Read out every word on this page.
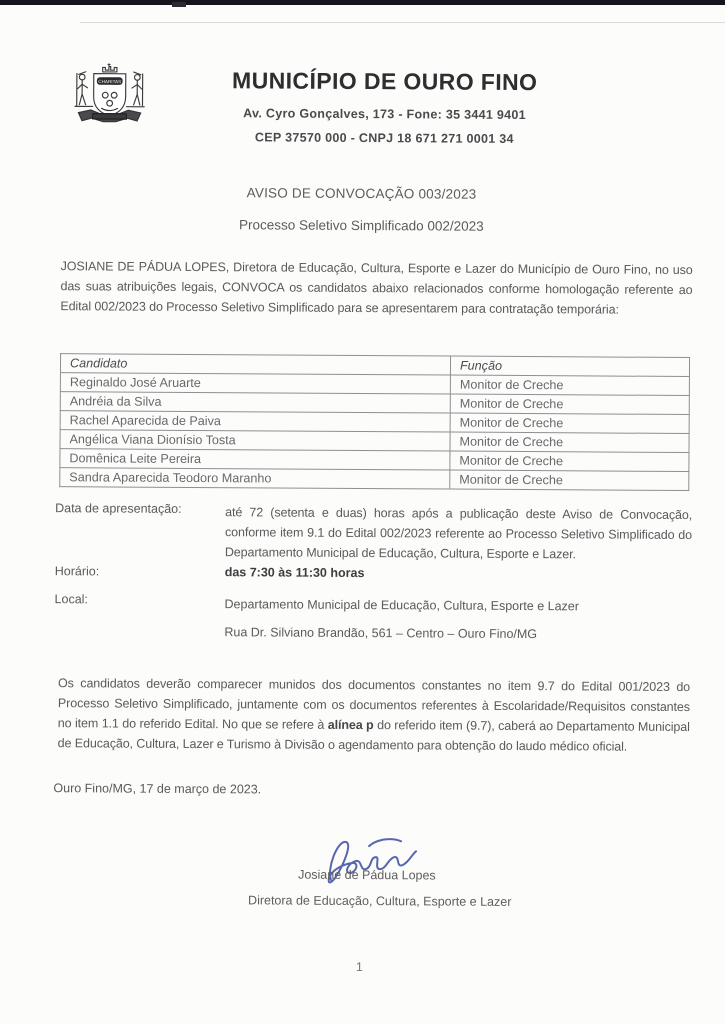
CHARITAS	MUNICÍPIO DE OURO FINO
Av. Cyro Gonçalves, 173 - Fone: 35 3441 9401
CEP 37570 000 - CNPJ 18 671 271 0001 34
AVISO DE CONVOCAÇÃO 003/2023
Processo Seletivo Simplificado 002/2023
JOSIANE DE PÁDUA LOPES, Diretora de Educação, Cultura, Esporte e Lazer do Município de Ouro Fino, no uso das suas atribuições legais, CONVOCA os candidatos abaixo relacionados conforme homologação referente ao Edital 002/2023 do Processo Seletivo Simplificado para se apresentarem para contratação temporária:
Candidato	Função
Reginaldo José Aruarte	Monitor de Creche
Andréia da Silva	Monitor de Creche
Rachel Aparecida de Paiva	Monitor de Creche
Angélica Viana Dionísio Tosta	Monitor de Creche
Domênica Leite Pereira	Monitor de Creche
Sandra Aparecida Teodoro Maranho	Monitor de Creche
Data de apresentação:	até 72 (setenta e duas) horas após a publicação deste Aviso de Convocação, conforme item 9.1 do Edital 002/2023 referente ao Processo Seletivo Simplificado do Departamento Municipal de Educação, Cultura, Esporte e Lazer.
Horário:	das 7:30 às 11:30 horas
Local:	Departamento Municipal de Educação, Cultura, Esporte e Lazer
Rua Dr. Silviano Brandão, 561 – Centro – Ouro Fino/MG
Os candidatos deverão comparecer munidos dos documentos constantes no item 9.7 do Edital 001/2023 do Processo Seletivo Simplificado, juntamente com os documentos referentes à Escolaridade/Requisitos constantes no item 1.1 do referido Edital. No que se refere à alínea p do referido item (9.7), caberá ao Departamento Municipal de Educação, Cultura, Lazer e Turismo à Divisão o agendamento para obtenção do laudo médico oficial.
Ouro Fino/MG, 17 de março de 2023.
Josiane de Pádua Lopes
Diretora de Educação, Cultura, Esporte e Lazer
1
